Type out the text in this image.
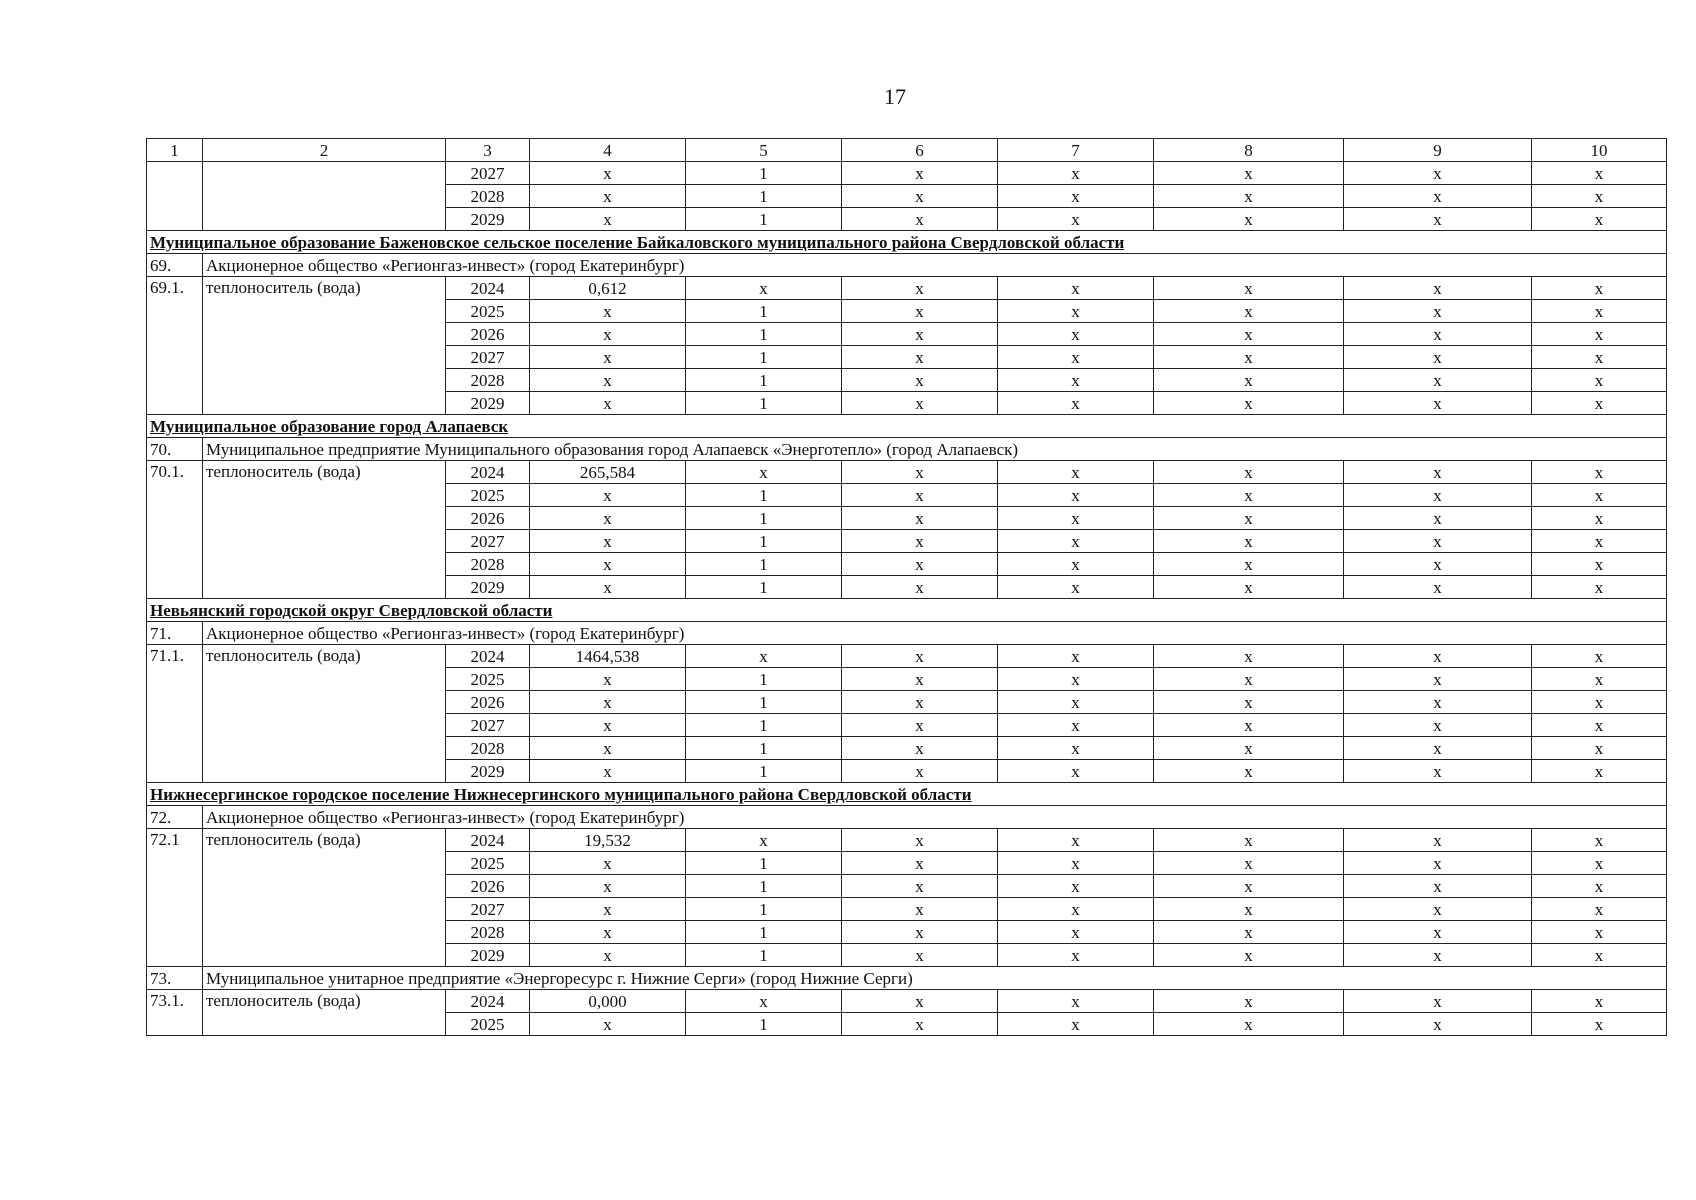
17
1	2	3	4	5	6	7	8	9	10
		2027	x	1	x	x	x	x	x
		2028	x	1	x	x	x	x	x
		2029	x	1	x	x	x	x	x
Муниципальное образование Баженовское сельское поселение Байкаловского муниципального района Свердловской области									
69.	Акционерное общество «Регионгаз-инвест» (город Екатеринбург)								
69.1.	теплоноситель (вода)	2024	0,612	x	x	x	x	x	x
		2025	x	1	x	x	x	x	x
		2026	x	1	x	x	x	x	x
		2027	x	1	x	x	x	x	x
		2028	x	1	x	x	x	x	x
		2029	x	1	x	x	x	x	x
Муниципальное образование город Алапаевск									
70.	Муниципальное предприятие Муниципального образования город Алапаевск «Энерготепло» (город Алапаевск)								
70.1.	теплоноситель (вода)	2024	265,584	x	x	x	x	x	x
		2025	x	1	x	x	x	x	x
		2026	x	1	x	x	x	x	x
		2027	x	1	x	x	x	x	x
		2028	x	1	x	x	x	x	x
		2029	x	1	x	x	x	x	x
Невьянский городской округ Свердловской области									
71.	Акционерное общество «Регионгаз-инвест» (город Екатеринбург)								
71.1.	теплоноситель (вода)	2024	1464,538	x	x	x	x	x	x
		2025	x	1	x	x	x	x	x
		2026	x	1	x	x	x	x	x
		2027	x	1	x	x	x	x	x
		2028	x	1	x	x	x	x	x
		2029	x	1	x	x	x	x	x
Нижнесергинское городское поселение Нижнесергинского муниципального района Свердловской области									
72.	Акционерное общество «Регионгаз-инвест» (город Екатеринбург)								
72.1	теплоноситель (вода)	2024	19,532	x	x	x	x	x	x
		2025	x	1	x	x	x	x	x
		2026	x	1	x	x	x	x	x
		2027	x	1	x	x	x	x	x
		2028	x	1	x	x	x	x	x
		2029	x	1	x	x	x	x	x
73.	Муниципальное унитарное предприятие «Энергоресурс г. Нижние Серги» (город Нижние Серги)								
73.1.	теплоноситель (вода)	2024	0,000	x	x	x	x	x	x
		2025	x	1	x	x	x	x	x
